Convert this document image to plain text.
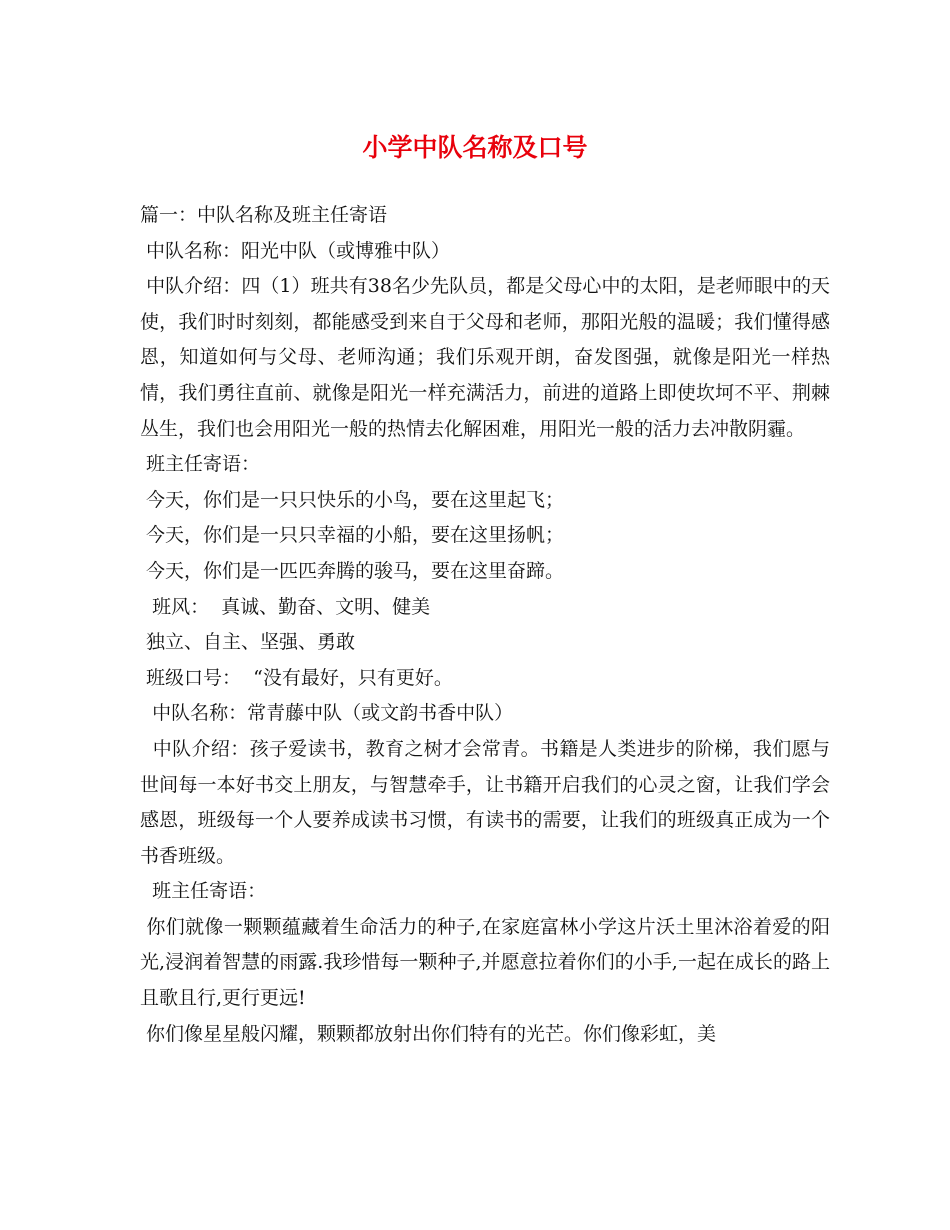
小学中队名称及口号

篇一：中队名称及班主任寄语

中队名称：阳光中队（或博雅中队）

中队介绍：四（1）班共有38名少先队员，都是父母心中的太阳，是老师眼中的天使，我们时时刻刻，都能感受到来自于父母和老师，那阳光般的温暖；我们懂得感恩，知道如何与父母、老师沟通；我们乐观开朗，奋发图强，就像是阳光一样热情，我们勇往直前、就像是阳光一样充满活力，前进的道路上即使坎坷不平、荆棘丛生，我们也会用阳光一般的热情去化解困难，用阳光一般的活力去冲散阴霾。

班主任寄语：

今天，你们是一只只快乐的小鸟，要在这里起飞；

今天，你们是一只只幸福的小船，要在这里扬帆；

今天，你们是一匹匹奔腾的骏马，要在这里奋蹄。

班风：  真诚、勤奋、文明、健美

独立、自主、坚强、勇敢

班级口号：  “没有最好，只有更好。

中队名称：常青藤中队（或文韵书香中队）

中队介绍：孩子爱读书，教育之树才会常青。书籍是人类进步的阶梯，我们愿与世间每一本好书交上朋友，与智慧牵手，让书籍开启我们的心灵之窗，让我们学会感恩，班级每一个人要养成读书习惯，有读书的需要，让我们的班级真正成为一个书香班级。

班主任寄语：

你们就像一颗颗蕴藏着生命活力的种子,在家庭富林小学这片沃土里沐浴着爱的阳光,浸润着智慧的雨露.我珍惜每一颗种子,并愿意拉着你们的小手,一起在成长的路上且歌且行,更行更远!

你们像星星般闪耀，颗颗都放射出你们特有的光芒。你们像彩虹，美
